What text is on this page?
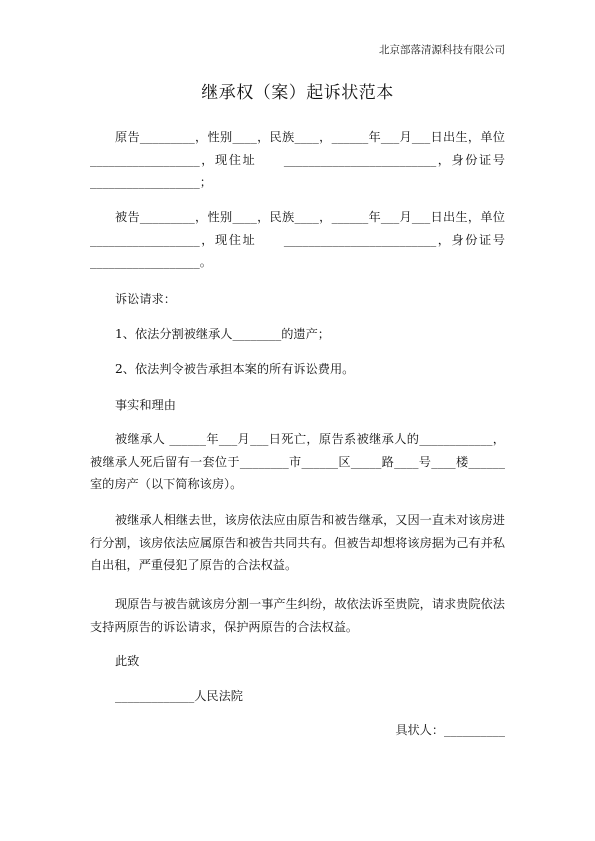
北京部落清源科技有限公司
继承权（案）起诉状范本
原告_________，性别____，民族____，______年___月___日出生，单位__________________，现住址　　_________________________，身份证号__________________；
被告_________，性别____，民族____，______年___月___日出生，单位__________________，现住址　　_________________________，身份证号__________________。
诉讼请求：
1、依法分割被继承人________的遗产；
2、依法判令被告承担本案的所有诉讼费用。
事实和理由
被继承人 ______年___月___日死亡，原告系被继承人的____________，被继承人死后留有一套位于________市______区_____路____号____楼______室的房产（以下简称该房）。
被继承人相继去世，该房依法应由原告和被告继承，又因一直未对该房进行分割，该房依法应属原告和被告共同共有。但被告却想将该房据为己有并私自出租，严重侵犯了原告的合法权益。
现原告与被告就该房分割一事产生纠纷，故依法诉至贵院，请求贵院依法支持两原告的诉讼请求，保护两原告的合法权益。
此致
_____________人民法院
具状人：__________
